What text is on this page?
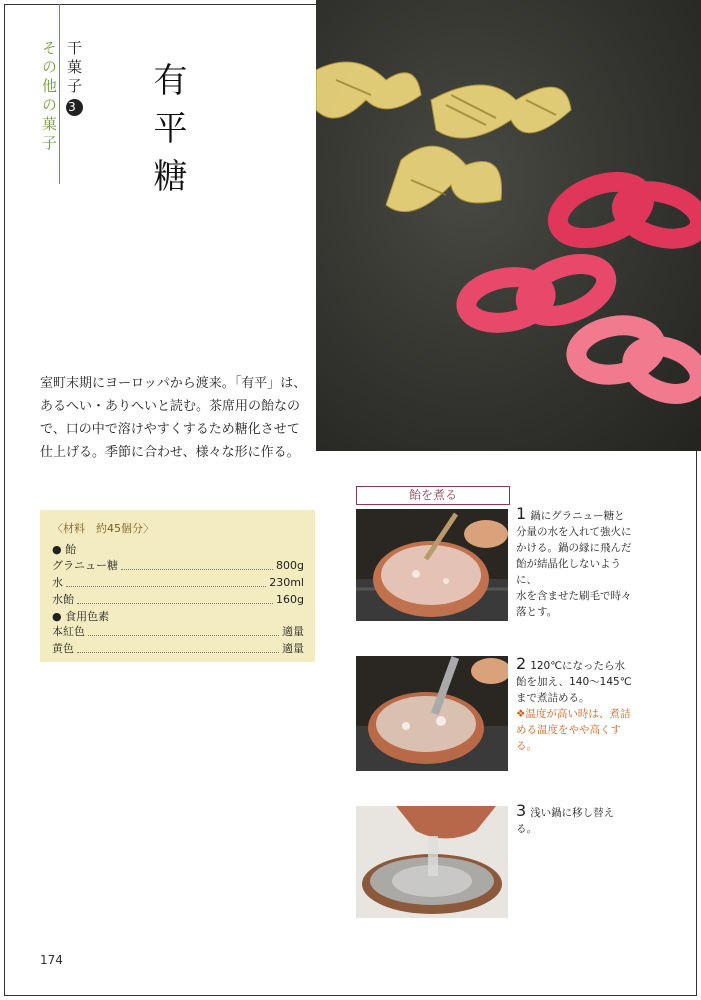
干菓子3
その他の菓子	有平糖

室町末期にヨーロッパから渡来。「有平」は、

あるへい・ありへいと読む。茶席用の飴なの

で、口の中で溶けやすくするため糖化させて

仕上げる。季節に合わせ、様々な形に作る。

〈材料　約45個分〉
● 飴
グラニュー糖	800g
水	230ml
水飴	160g
● 食用色素
本紅色	適量
黄色	適量
飴を煮る
1 鍋にグラニュー糖と
分量の水を入れて強火に
かける。鍋の縁に飛んだ
飴が結晶化しないように、
水を含ませた刷毛で時々
落とす。
2 120℃になったら水
飴を加え、140〜145℃
まで煮詰める。
❖温度が高い時は、煮詰
める温度をやや高くする。
3 浅い鍋に移し替え
る。
174
